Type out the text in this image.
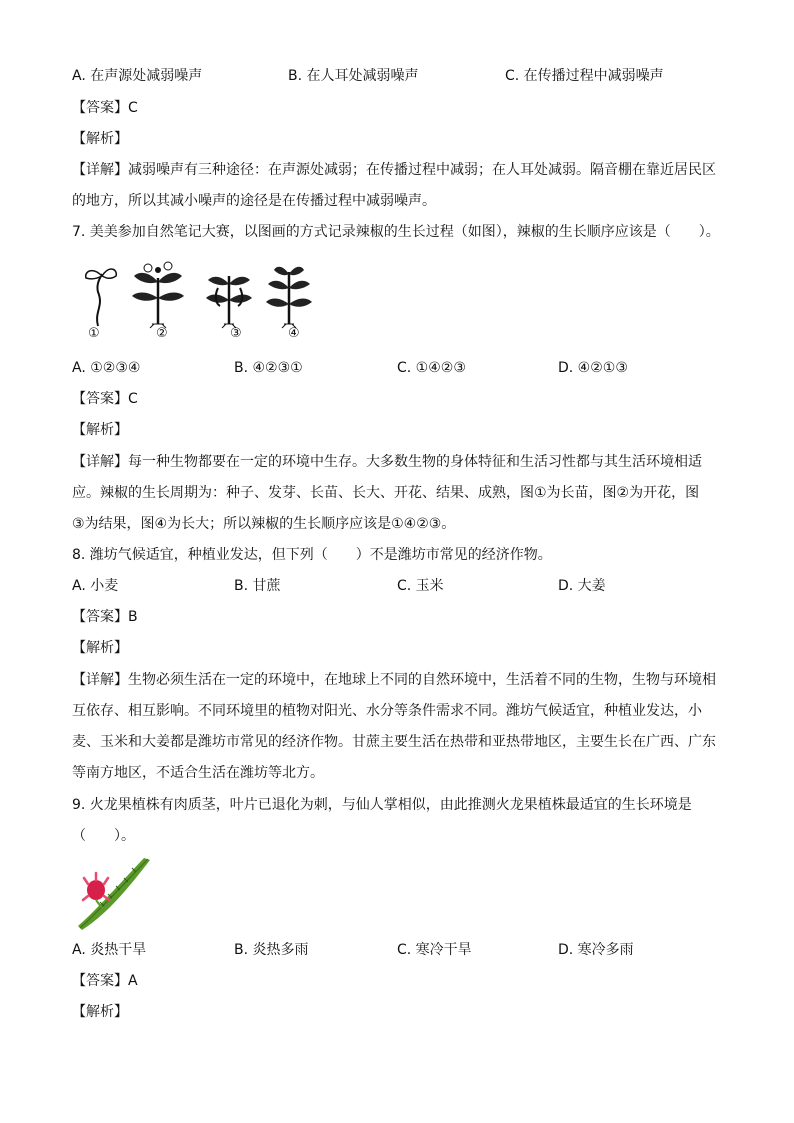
A. 在声源处减弱噪声	B. 在人耳处减弱噪声	C. 在传播过程中减弱噪声
【答案】C
【解析】
【详解】减弱噪声有三种途径：在声源处减弱；在传播过程中减弱；在人耳处减弱。隔音棚在靠近居民区
的地方，所以其减小噪声的途径是在传播过程中减弱噪声。
7. 美美参加自然笔记大赛，以图画的方式记录辣椒的生长过程（如图），辣椒的生长顺序应该是（　　）。
①	②	③	④
A. ①②③④	B. ④②③①	C. ①④②③	D. ④②①③
【答案】C
【解析】
【详解】每一种生物都要在一定的环境中生存。大多数生物的身体特征和生活习性都与其生活环境相适
应。辣椒的生长周期为：种子、发芽、长苗、长大、开花、结果、成熟，图①为长苗，图②为开花，图
③为结果，图④为长大；所以辣椒的生长顺序应该是①④②③。
8. 潍坊气候适宜，种植业发达，但下列（　　）不是潍坊市常见的经济作物。
A. 小麦	B. 甘蔗	C. 玉米	D. 大姜
【答案】B
【解析】
【详解】生物必须生活在一定的环境中，在地球上不同的自然环境中，生活着不同的生物，生物与环境相
互依存、相互影响。不同环境里的植物对阳光、水分等条件需求不同。潍坊气候适宜，种植业发达，小
麦、玉米和大姜都是潍坊市常见的经济作物。甘蔗主要生活在热带和亚热带地区，主要生长在广西、广东
等南方地区，不适合生活在潍坊等北方。
9. 火龙果植株有肉质茎，叶片已退化为刺，与仙人掌相似，由此推测火龙果植株最适宜的生长环境是
（　　）。
A. 炎热干旱	B. 炎热多雨	C. 寒冷干旱	D. 寒冷多雨
【答案】A
【解析】
